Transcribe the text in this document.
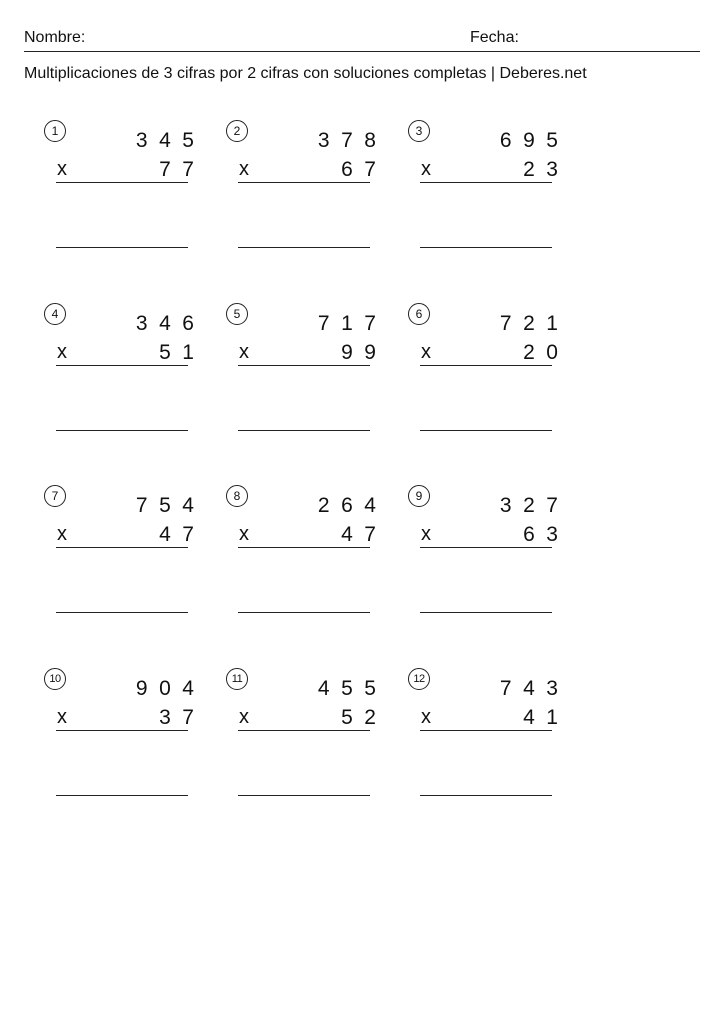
Nombre:	Fecha:
Multiplicaciones de 3 cifras por 2 cifras con soluciones completas | Deberes.net
1	345
x	77
2	378
x	67
3	695
x	23
4	346
x	51
5	717
x	99
6	721
x	20
7	754
x	47
8	264
x	47
9	327
x	63
10	904
x	37
11	455
x	52
12	743
x	41
